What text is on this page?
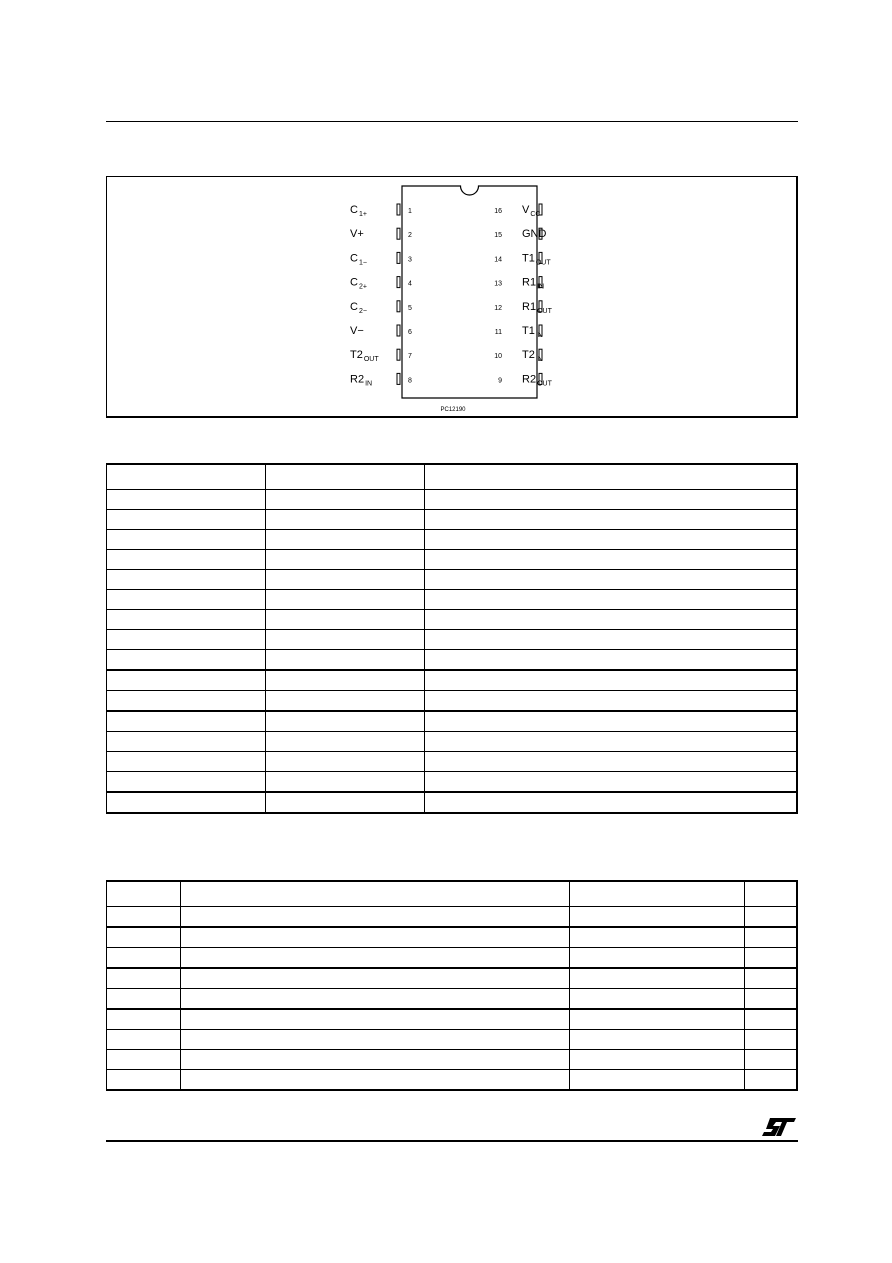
1
$C_{1+}$
2
V+
3
$C_{1-}$
4
$C_{2+}$
5
$C_{2-}$
6
V−
7
$T2_{OUT}$
8
$R2_{IN}$
16 $V_{CC}$
15 GND
14 $T1_{OUT}$
13 $R1_{IN}$
12 $R1_{OUT}$
11 $T1_{IN}$
10 $T2_{IN}$
9 $R2_{OUT}$
PC12190
